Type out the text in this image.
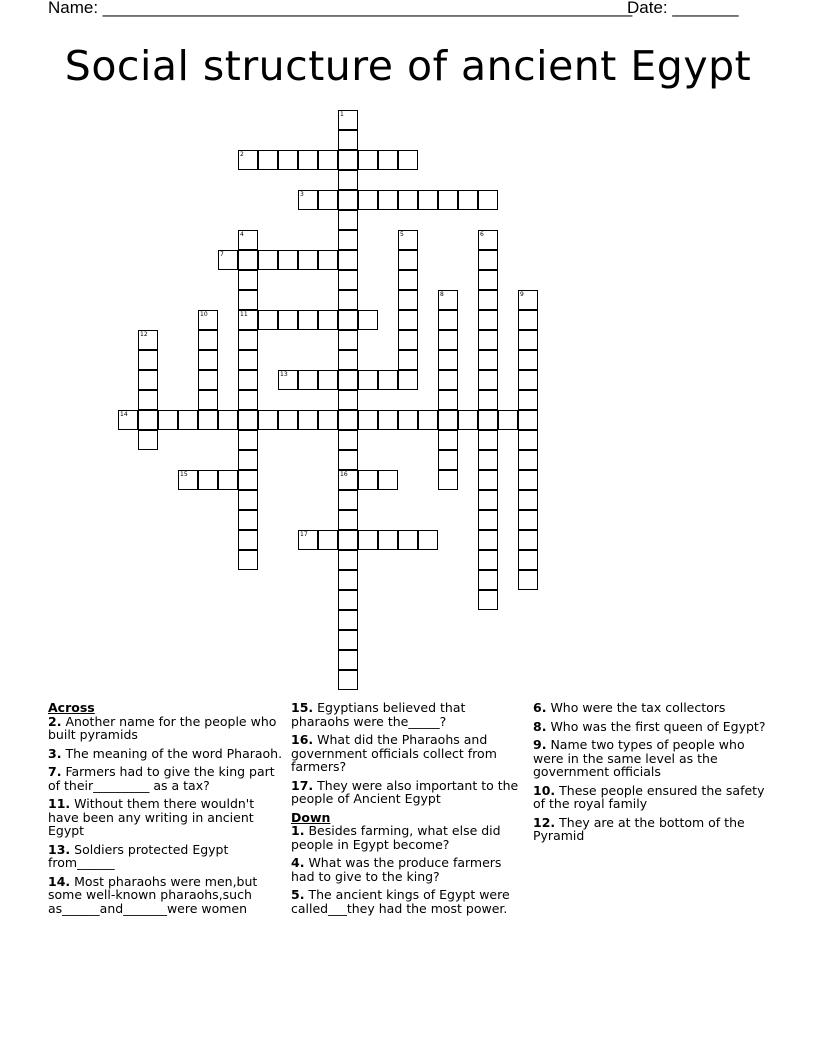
Name: ________________________________________________________
Date: _______
Social structure of ancient Egypt
1
16
2
3
4
11
5	6
7
8	9
10
12
13
14
15
17
Across
2. Another name for the people who built pyramids
3. The meaning of the word Pharaoh.
7. Farmers had to give the king part of their_________ as a tax?
11. Without them there wouldn't have been any writing in ancient Egypt
13. Soldiers protected Egypt from______
14. Most pharaohs were men,but some well-known pharaohs,such as______and_______were women
15. Egyptians believed that pharaohs were the_____?
16. What did the Pharaohs and government officials collect from farmers?
17. They were also important to the people of Ancient Egypt
Down
1. Besides farming, what else did people in Egypt become?
4. What was the produce farmers had to give to the king?
5. The ancient kings of Egypt were called___they had the most power.
6. Who were the tax collectors
8. Who was the first queen of Egypt?
9. Name two types of people who were in the same level as the government officials
10. These people ensured the safety of the royal family
12. They are at the bottom of the Pyramid
